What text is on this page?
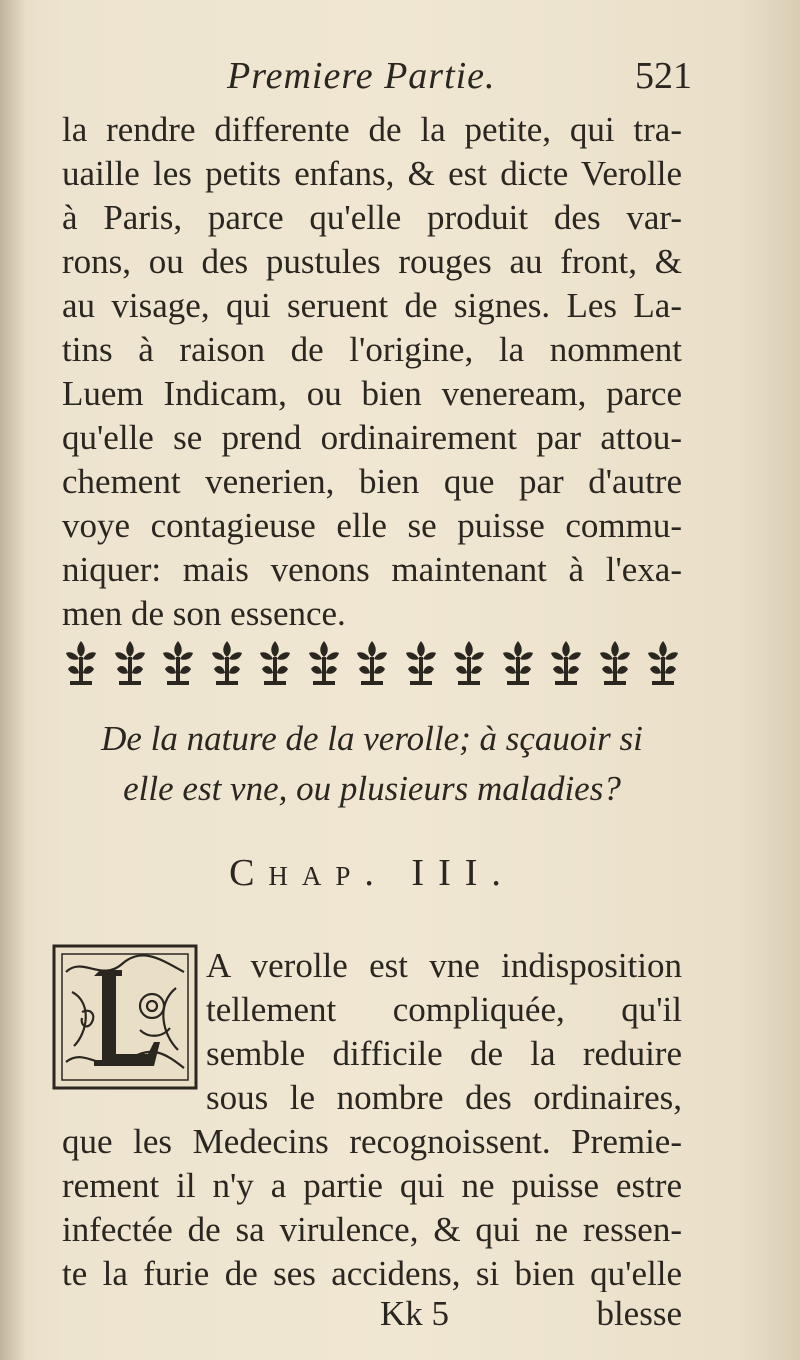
Premiere Partie.	521
la rendre differente de la petite, qui tra-
uaille les petits enfans, & est dicte Verolle
à Paris, parce qu'elle produit des var-
rons, ou des pustules rouges au front, &
au visage, qui seruent de signes. Les La-
tins à raison de l'origine, la nomment
Luem Indicam, ou bien veneream, parce
qu'elle se prend ordinairement par attou-
chement venerien, bien que par d'autre
voye contagieuse elle se puisse commu-
niquer: mais venons maintenant à l'exa-
men de son essence.
De la nature de la verolle; à sçauoir si
elle est vne, ou plusieurs maladies?
Chap. III.
A verolle est vne indisposition
tellement compliquée, qu'il
semble difficile de la reduire
sous le nombre des ordinaires,
que les Medecins recognoissent. Premie-
rement il n'y a partie qui ne puisse estre
infectée de sa virulence, & qui ne ressen-
te la furie de ses accidens, si bien qu'elle
Kk 5	blesse
